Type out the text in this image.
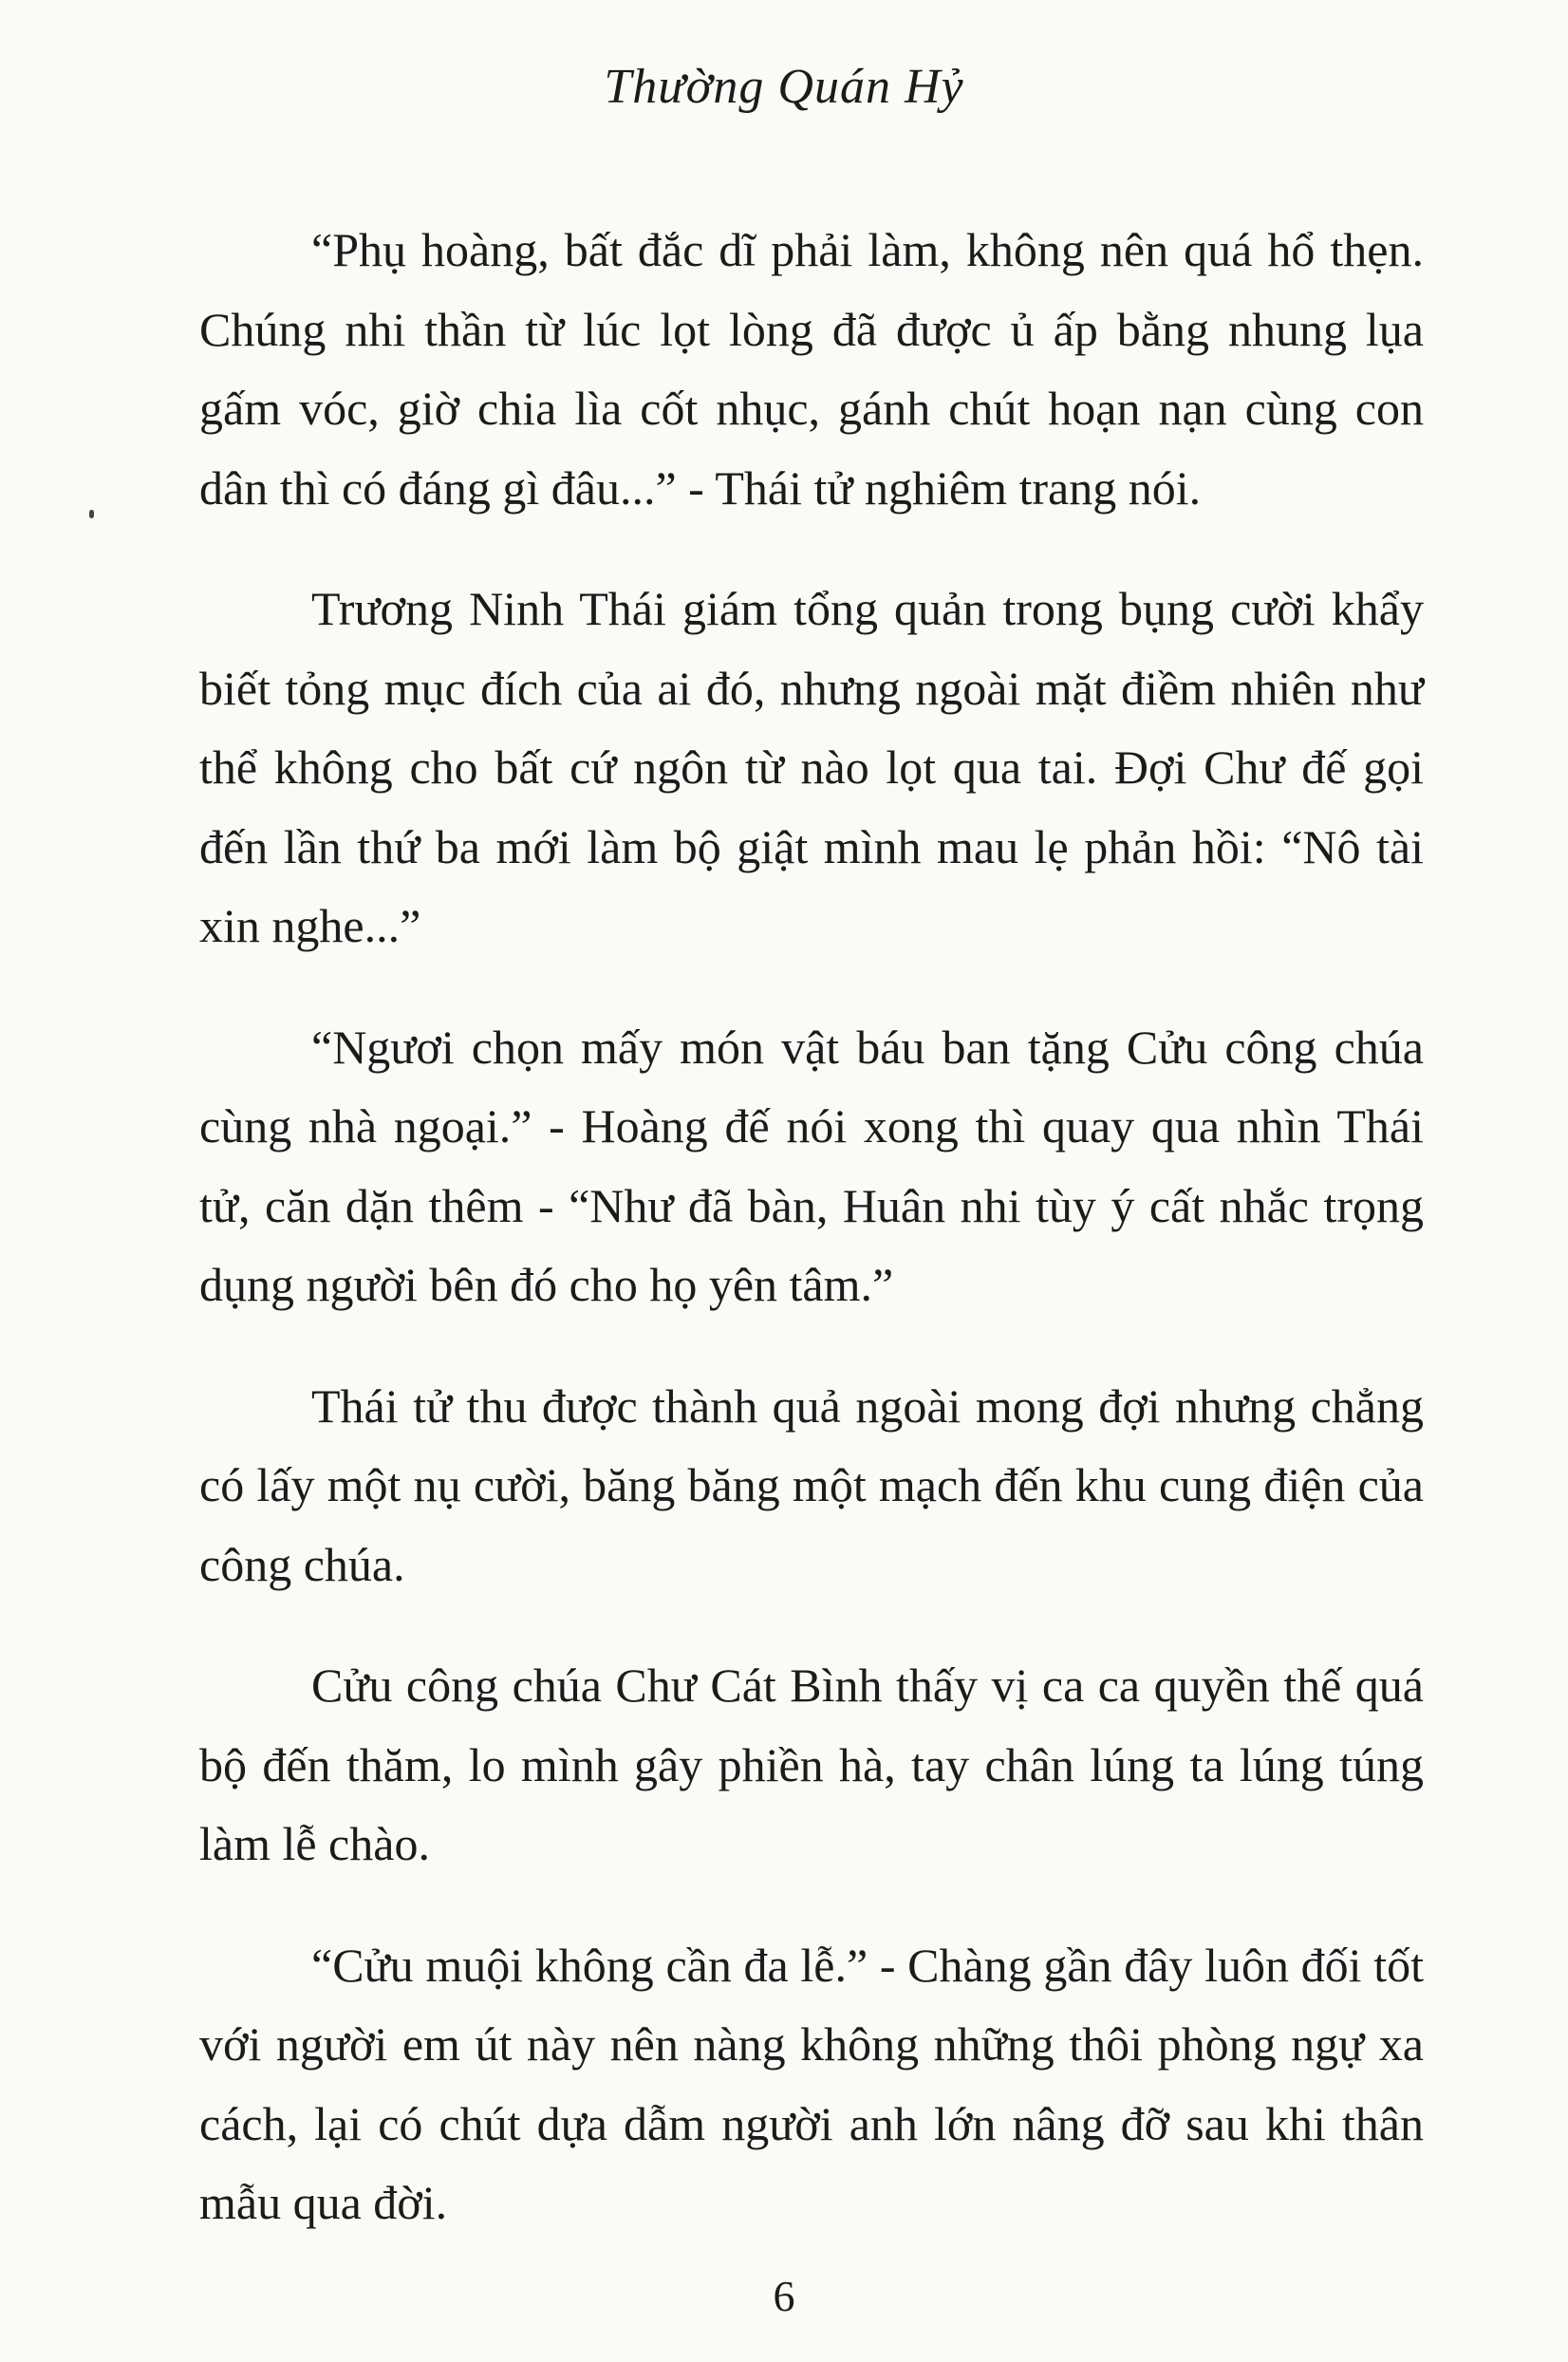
Thường Quán Hỷ

“Phụ hoàng, bất đắc dĩ phải làm, không nên quá hổ thẹn. Chúng nhi thần từ lúc lọt lòng đã được ủ ấp bằng nhung lụa gấm vóc, giờ chia lìa cốt nhục, gánh chút hoạn nạn cùng con dân thì có đáng gì đâu...” - Thái tử nghiêm trang nói.

Trương Ninh Thái giám tổng quản trong bụng cười khẩy biết tỏng mục đích của ai đó, nhưng ngoài mặt điềm nhiên như thể không cho bất cứ ngôn từ nào lọt qua tai. Đợi Chư đế gọi đến lần thứ ba mới làm bộ giật mình mau lẹ phản hồi: “Nô tài xin nghe...”

“Ngươi chọn mấy món vật báu ban tặng Cửu công chúa cùng nhà ngoại.” - Hoàng đế nói xong thì quay qua nhìn Thái tử, căn dặn thêm - “Như đã bàn, Huân nhi tùy ý cất nhắc trọng dụng người bên đó cho họ yên tâm.”

Thái tử thu được thành quả ngoài mong đợi nhưng chẳng có lấy một nụ cười, băng băng một mạch đến khu cung điện của công chúa.

Cửu công chúa Chư Cát Bình thấy vị ca ca quyền thế quá bộ đến thăm, lo mình gây phiền hà, tay chân lúng ta lúng túng làm lễ chào.

“Cửu muội không cần đa lễ.” - Chàng gần đây luôn đối tốt với người em út này nên nàng không những thôi phòng ngự xa cách, lại có chút dựa dẫm người anh lớn nâng đỡ sau khi thân mẫu qua đời.

6
